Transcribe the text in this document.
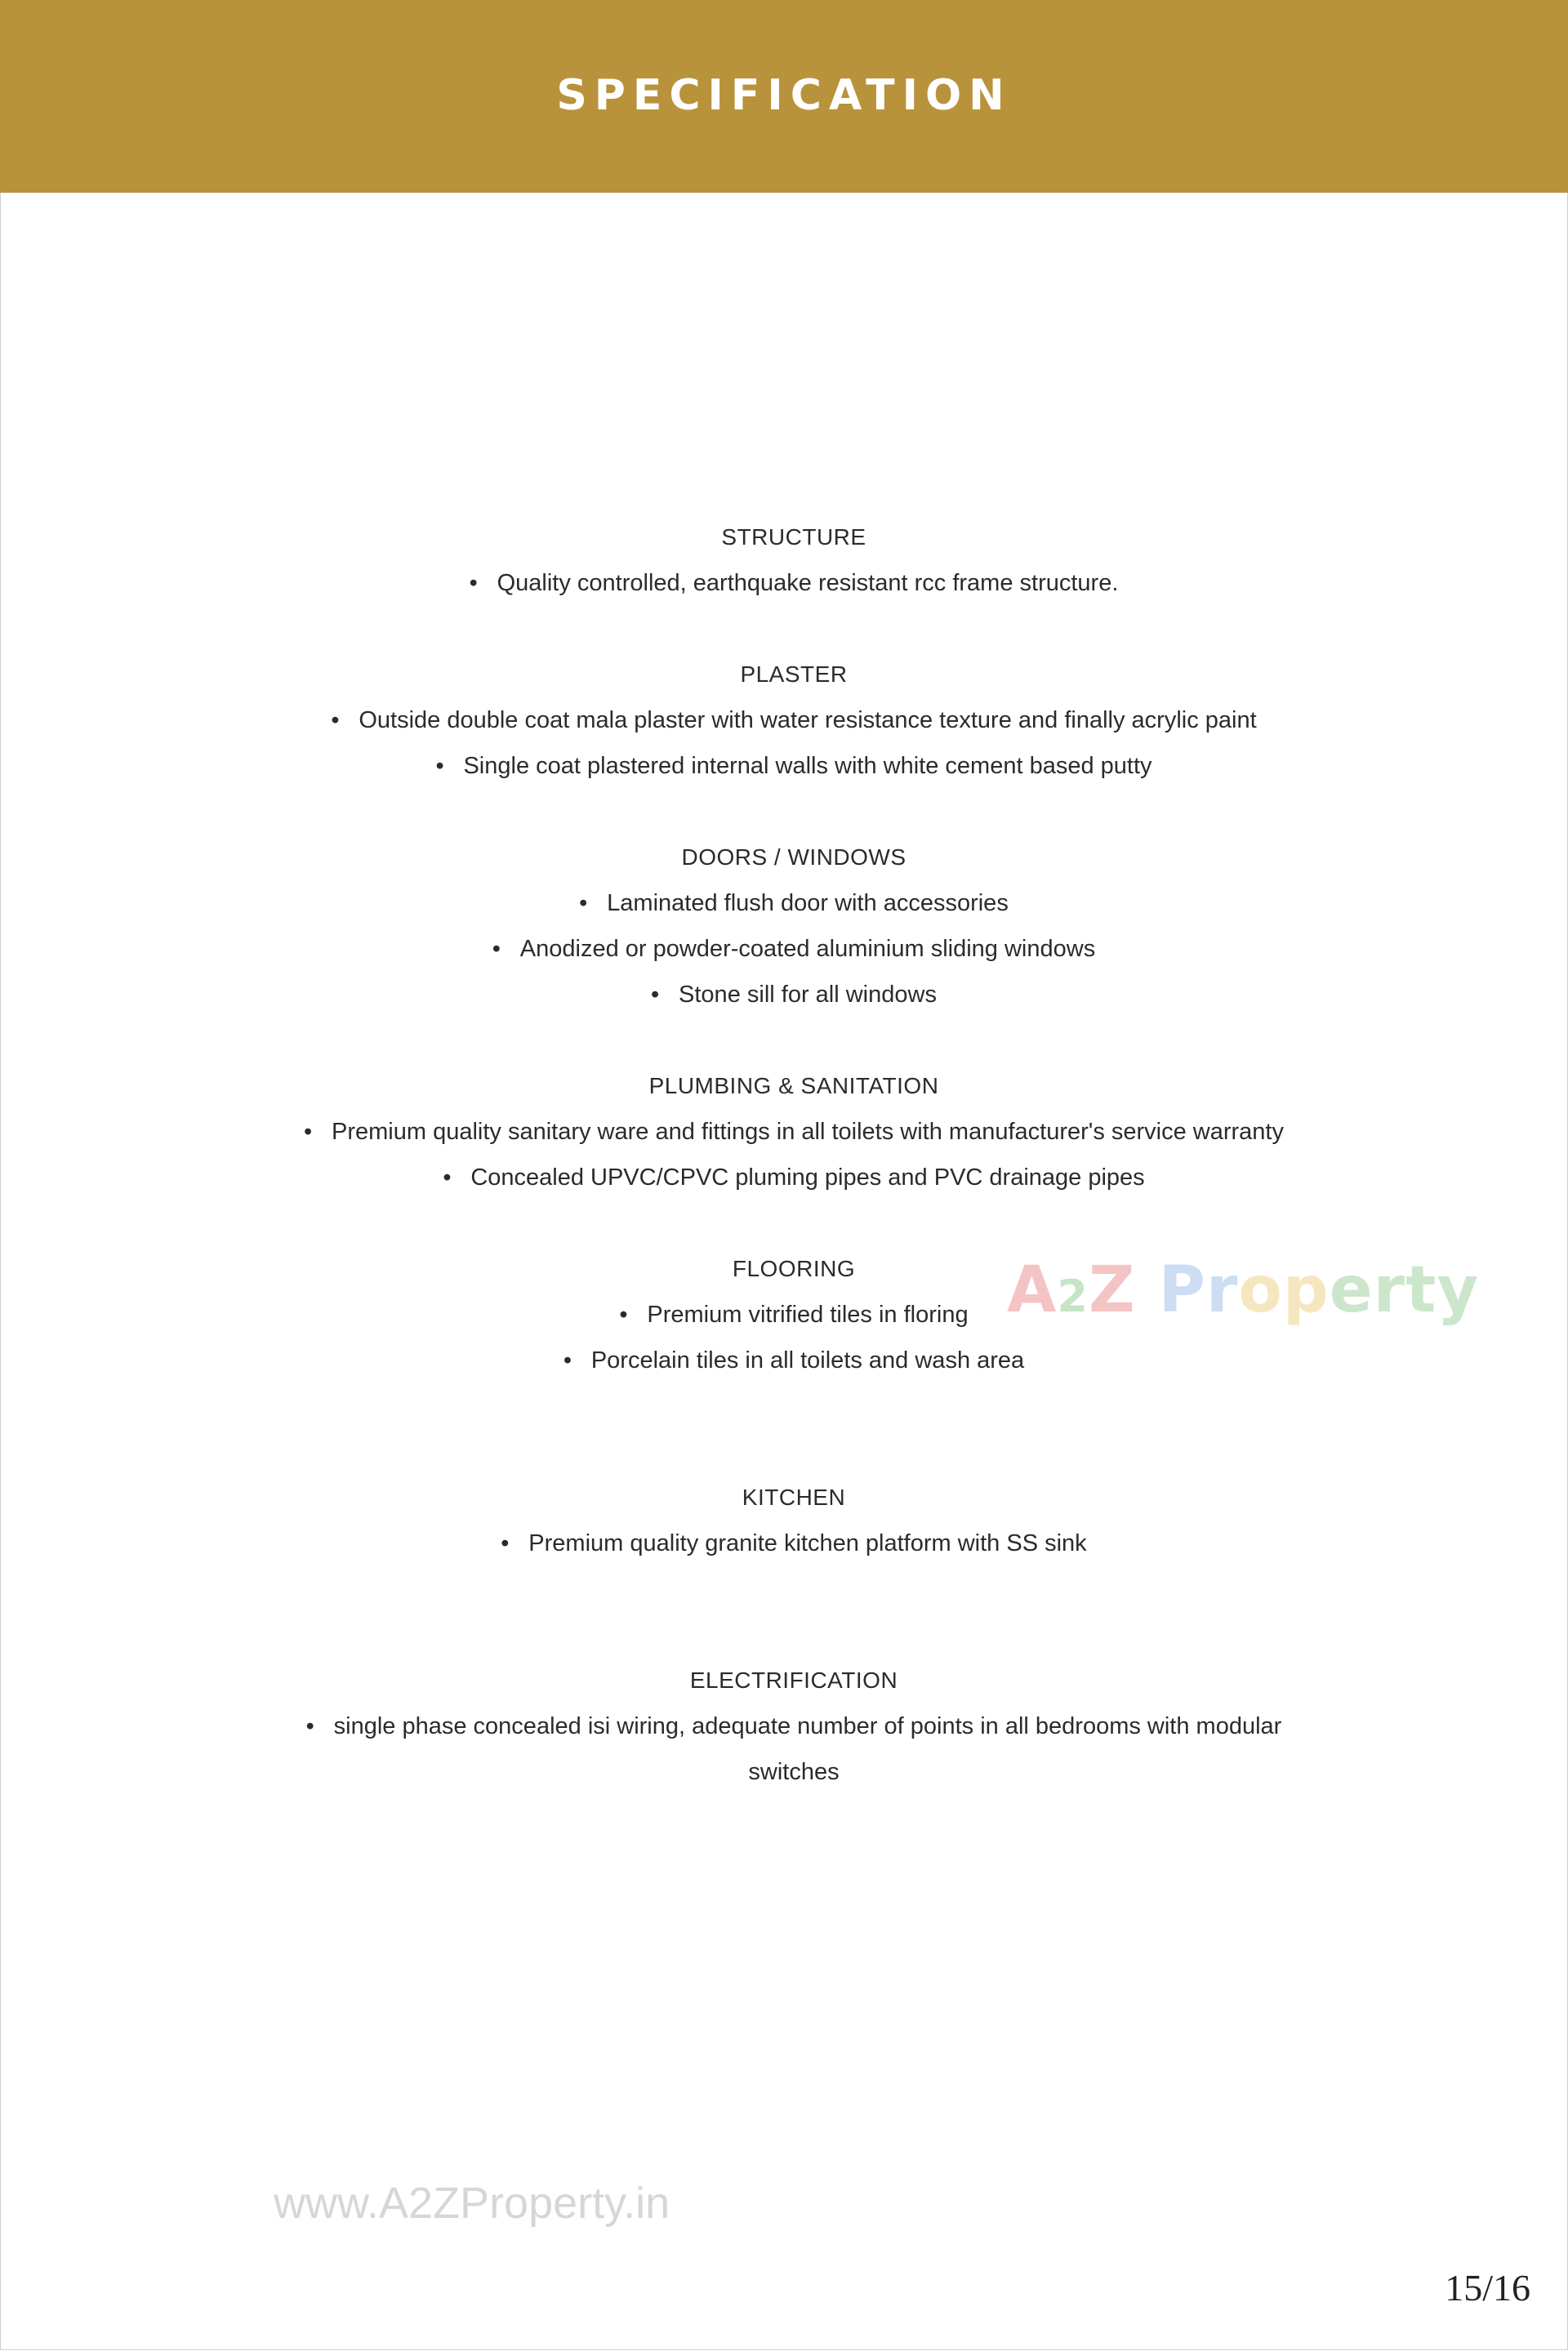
SPECIFICATION
STRUCTURE
• Quality controlled, earthquake resistant rcc frame structure.
PLASTER
• Outside double coat mala plaster with water resistance texture and finally acrylic paint
• Single coat plastered internal walls with white cement based putty
DOORS / WINDOWS
• Laminated flush door with accessories
• Anodized or powder-coated aluminium sliding windows
• Stone sill for all windows
PLUMBING & SANITATION
• Premium quality sanitary ware and fittings in all toilets with manufacturer's service warranty
• Concealed UPVC/CPVC pluming pipes and PVC drainage pipes
FLOORING
• Premium vitrified tiles in floring
• Porcelain tiles in all toilets and wash area
KITCHEN
• Premium quality granite kitchen platform with SS sink
ELECTRIFICATION
• single phase concealed isi wiring, adequate number of points in all bedrooms with modular
switches
A2Z Property
www.A2ZProperty.in
15/16
